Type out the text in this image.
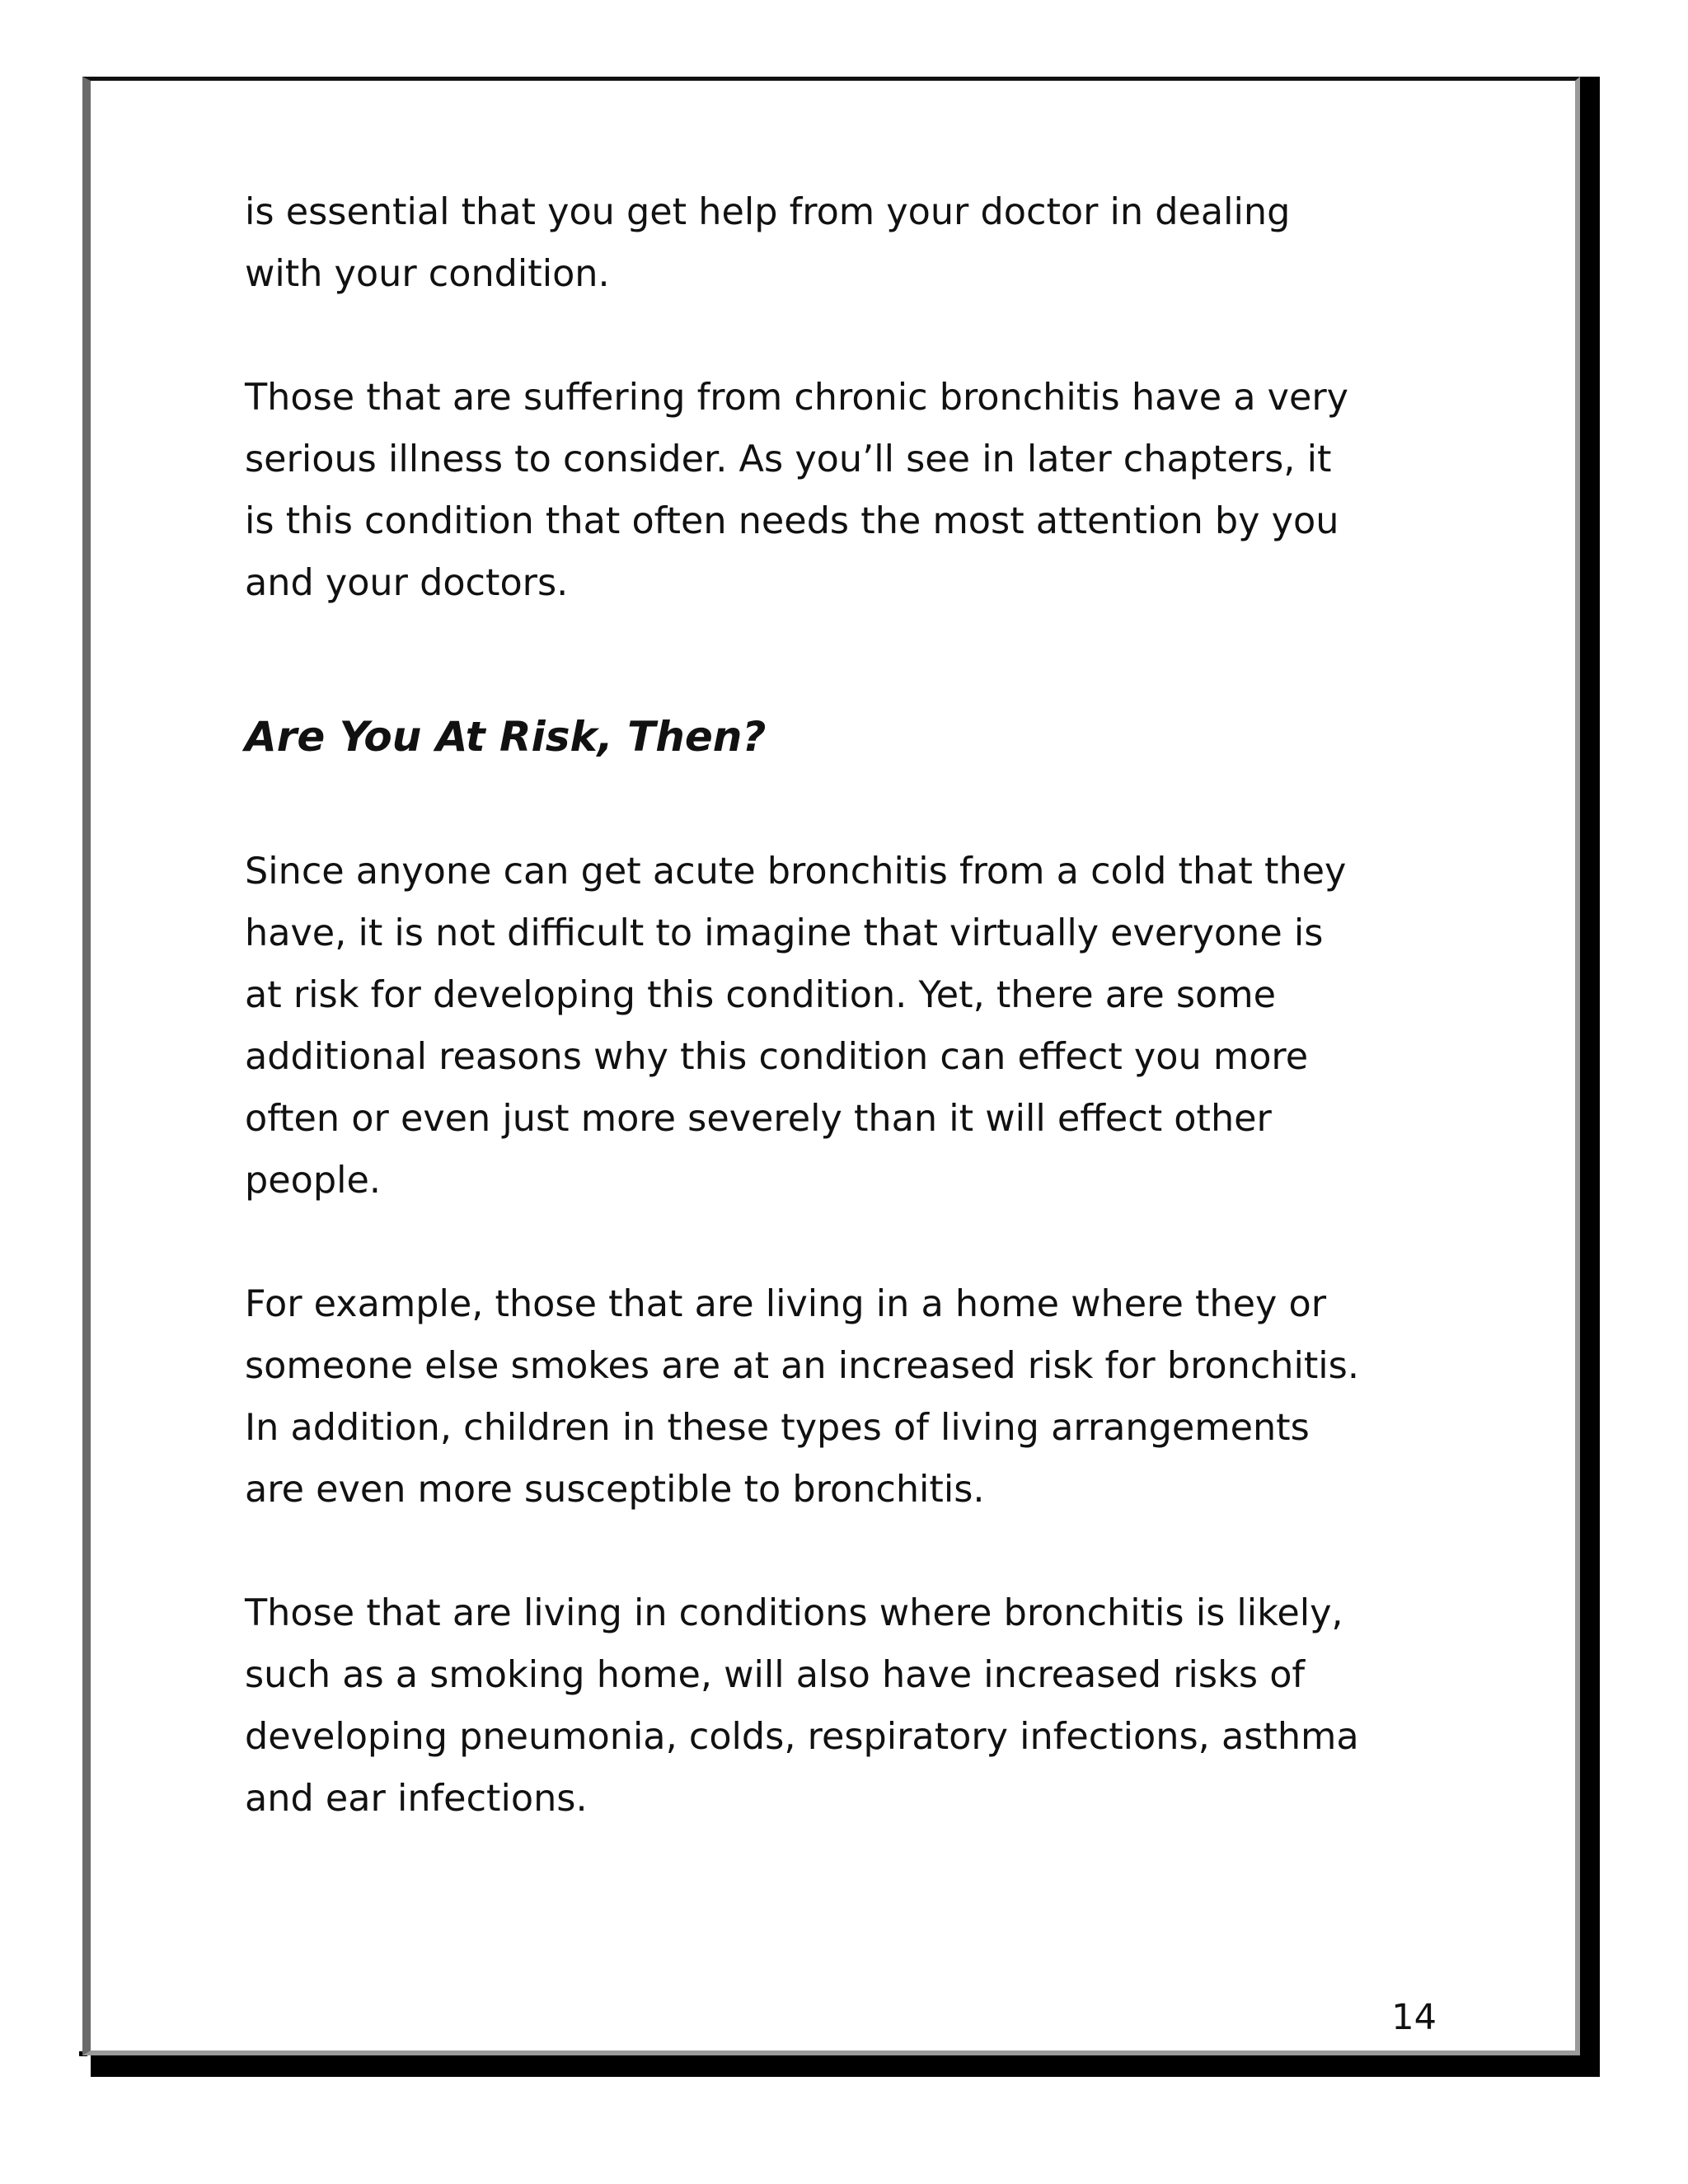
is essential that you get help from your doctor in dealing
with your condition.

Those that are suffering from chronic bronchitis have a very
serious illness to consider. As you’ll see in later chapters, it
is this condition that often needs the most attention by you
and your doctors.

Are You At Risk, Then?

Since anyone can get acute bronchitis from a cold that they
have, it is not difficult to imagine that virtually everyone is
at risk for developing this condition. Yet, there are some
additional reasons why this condition can effect you more
often or even just more severely than it will effect other
people.

For example, those that are living in a home where they or
someone else smokes are at an increased risk for bronchitis.
In addition, children in these types of living arrangements
are even more susceptible to bronchitis.

Those that are living in conditions where bronchitis is likely,
such as a smoking home, will also have increased risks of
developing pneumonia, colds, respiratory infections, asthma
and ear infections.

14
